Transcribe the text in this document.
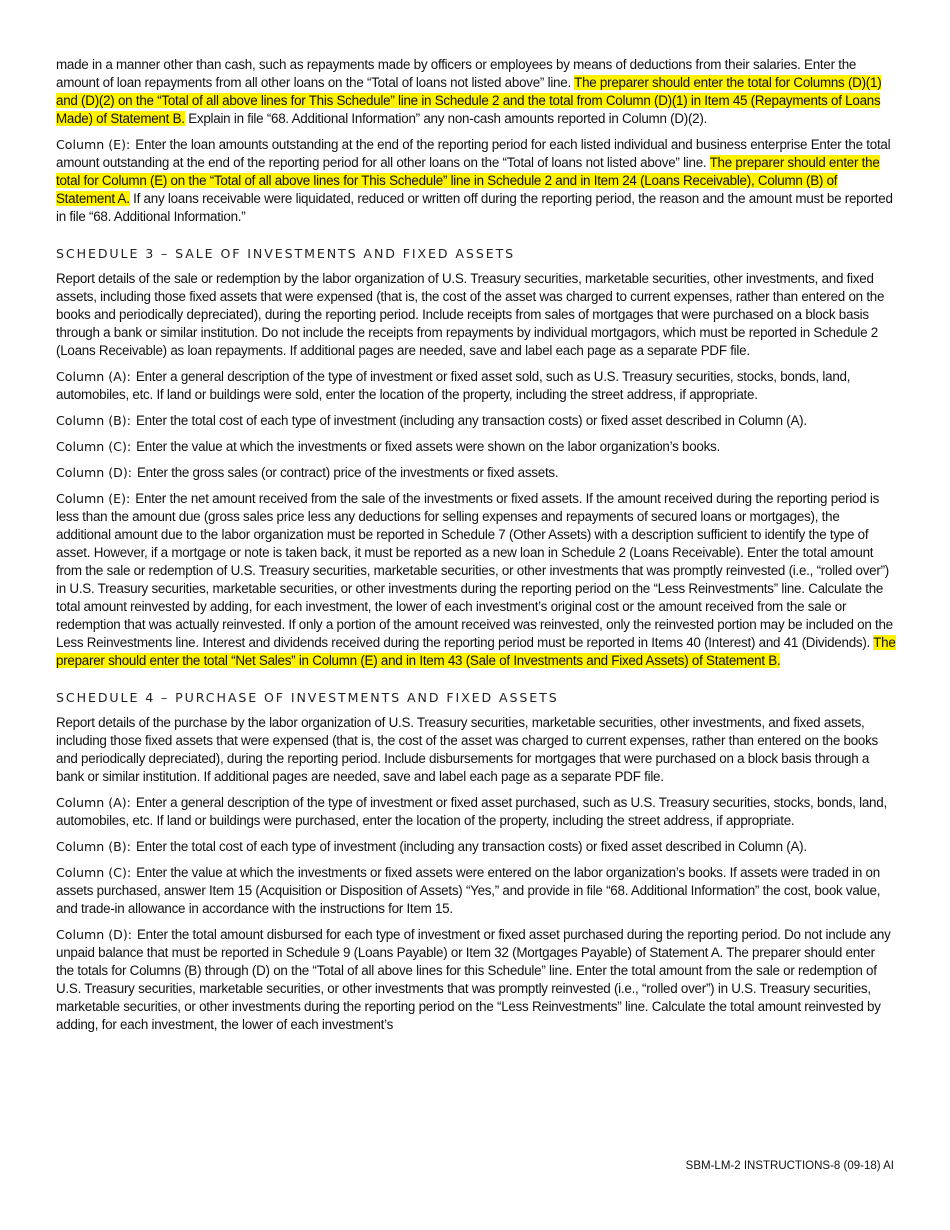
made in a manner other than cash, such as repayments made by officers or employees by means of deductions from their salaries. Enter the amount of loan repayments from all other loans on the “Total of loans not listed above” line. The preparer should enter the total for Columns (D)(1) and (D)(2) on the “Total of all above lines for This Schedule” line in Schedule 2 and the total from Column (D)(1) in Item 45 (Repayments of Loans Made) of Statement B. Explain in file “68. Additional Information” any non-cash amounts reported in Column (D)(2).

Column (E): Enter the loan amounts outstanding at the end of the reporting period for each listed individual and business enterprise Enter the total amount outstanding at the end of the reporting period for all other loans on the “Total of loans not listed above” line. The preparer should enter the total for Column (E) on the “Total of all above lines for This Schedule” line in Schedule 2 and in Item 24 (Loans Receivable), Column (B) of Statement A. If any loans receivable were liquidated, reduced or written off during the reporting period, the reason and the amount must be reported in file “68. Additional Information.”

SCHEDULE 3 – SALE OF INVESTMENTS AND FIXED ASSETS

Report details of the sale or redemption by the labor organization of U.S. Treasury securities, marketable securities, other investments, and fixed assets, including those fixed assets that were expensed (that is, the cost of the asset was charged to current expenses, rather than entered on the books and periodically depreciated), during the reporting period. Include receipts from sales of mortgages that were purchased on a block basis through a bank or similar institution. Do not include the receipts from repayments by individual mortgagors, which must be reported in Schedule 2 (Loans Receivable) as loan repayments. If additional pages are needed, save and label each page as a separate PDF file.

Column (A): Enter a general description of the type of investment or fixed asset sold, such as U.S. Treasury securities, stocks, bonds, land, automobiles, etc. If land or buildings were sold, enter the location of the property, including the street address, if appropriate.

Column (B): Enter the total cost of each type of investment (including any transaction costs) or fixed asset described in Column (A).

Column (C): Enter the value at which the investments or fixed assets were shown on the labor organization’s books.

Column (D): Enter the gross sales (or contract) price of the investments or fixed assets.

Column (E): Enter the net amount received from the sale of the investments or fixed assets. If the amount received during the reporting period is less than the amount due (gross sales price less any deductions for selling expenses and repayments of secured loans or mortgages), the additional amount due to the labor organization must be reported in Schedule 7 (Other Assets) with a description sufficient to identify the type of asset. However, if a mortgage or note is taken back, it must be reported as a new loan in Schedule 2 (Loans Receivable). Enter the total amount from the sale or redemption of U.S. Treasury securities, marketable securities, or other investments that was promptly reinvested (i.e., “rolled over”) in U.S. Treasury securities, marketable securities, or other investments during the reporting period on the “Less Reinvestments” line. Calculate the total amount reinvested by adding, for each investment, the lower of each investment’s original cost or the amount received from the sale or redemption that was actually reinvested. If only a portion of the amount received was reinvested, only the reinvested portion may be included on the Less Reinvestments line. Interest and dividends received during the reporting period must be reported in Items 40 (Interest) and 41 (Dividends). The preparer should enter the total “Net Sales” in Column (E) and in Item 43 (Sale of Investments and Fixed Assets) of Statement B.

SCHEDULE 4 – PURCHASE OF INVESTMENTS AND FIXED ASSETS

Report details of the purchase by the labor organization of U.S. Treasury securities, marketable securities, other investments, and fixed assets, including those fixed assets that were expensed (that is, the cost of the asset was charged to current expenses, rather than entered on the books and periodically depreciated), during the reporting period. Include disbursements for mortgages that were purchased on a block basis through a bank or similar institution. If additional pages are needed, save and label each page as a separate PDF file.

Column (A): Enter a general description of the type of investment or fixed asset purchased, such as U.S. Treasury securities, stocks, bonds, land, automobiles, etc. If land or buildings were purchased, enter the location of the property, including the street address, if appropriate.

Column (B): Enter the total cost of each type of investment (including any transaction costs) or fixed asset described in Column (A).

Column (C): Enter the value at which the investments or fixed assets were entered on the labor organization’s books. If assets were traded in on assets purchased, answer Item 15 (Acquisition or Disposition of Assets) “Yes,” and provide in file “68. Additional Information” the cost, book value, and trade-in allowance in accordance with the instructions for Item 15.

Column (D): Enter the total amount disbursed for each type of investment or fixed asset purchased during the reporting period. Do not include any unpaid balance that must be reported in Schedule 9 (Loans Payable) or Item 32 (Mortgages Payable) of Statement A. The preparer should enter the totals for Columns (B) through (D) on the “Total of all above lines for this Schedule” line. Enter the total amount from the sale or redemption of U.S. Treasury securities, marketable securities, or other investments that was promptly reinvested (i.e., “rolled over”) in U.S. Treasury securities, marketable securities, or other investments during the reporting period on the “Less Reinvestments” line. Calculate the total amount reinvested by adding, for each investment, the lower of each investment’s

SBM-LM-2 INSTRUCTIONS-8 (09-18) AI
